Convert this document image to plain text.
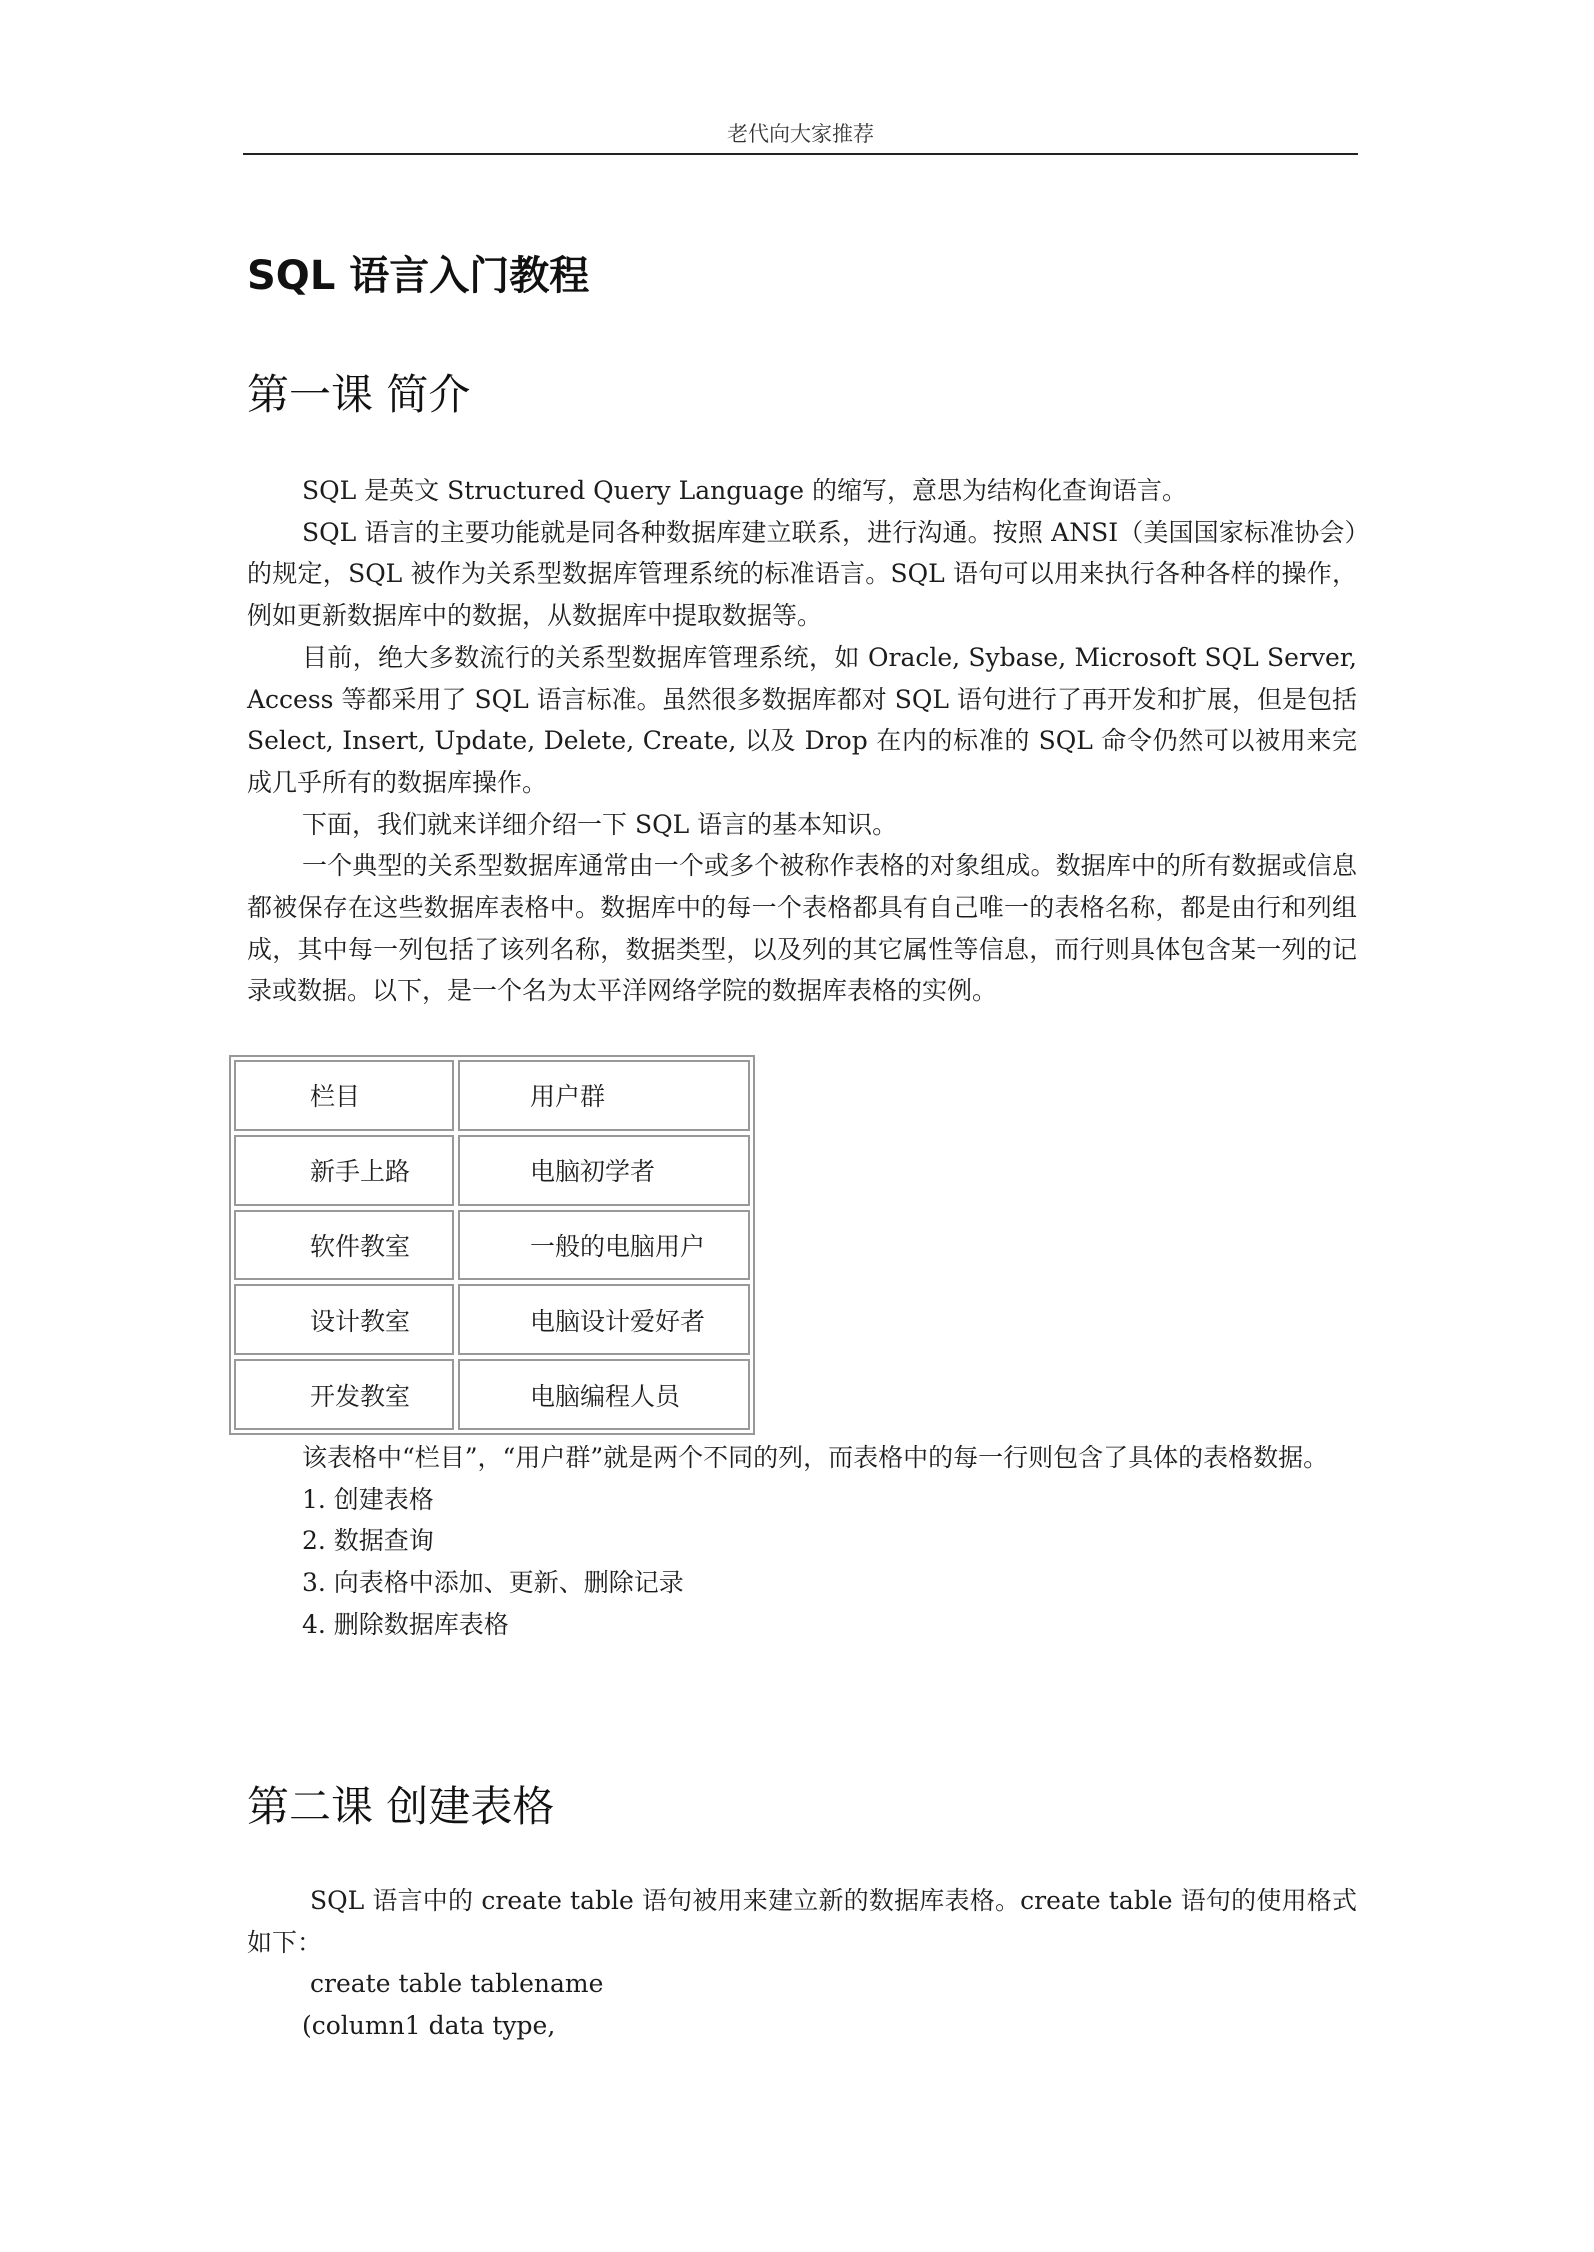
老代向大家推荐
SQL 语言入门教程
第一课 简介

SQL 是英文 Structured Query Language 的缩写，意思为结构化查询语言。

SQL 语言的主要功能就是同各种数据库建立联系，进行沟通。按照 ANSI（美国国家标准协会）的规定，SQL 被作为关系型数据库管理系统的标准语言。SQL 语句可以用来执行各种各样的操作，例如更新数据库中的数据，从数据库中提取数据等。

目前，绝大多数流行的关系型数据库管理系统，如 Oracle, Sybase, Microsoft SQL Server, Access 等都采用了 SQL 语言标准。虽然很多数据库都对 SQL 语句进行了再开发和扩展，但是包括 Select, Insert, Update, Delete, Create, 以及 Drop 在内的标准的 SQL 命令仍然可以被用来完成几乎所有的数据库操作。

下面，我们就来详细介绍一下 SQL 语言的基本知识。

一个典型的关系型数据库通常由一个或多个被称作表格的对象组成。数据库中的所有数据或信息都被保存在这些数据库表格中。数据库中的每一个表格都具有自己唯一的表格名称，都是由行和列组成，其中每一列包括了该列名称，数据类型，以及列的其它属性等信息，而行则具体包含某一列的记录或数据。以下，是一个名为太平洋网络学院的数据库表格的实例。

栏目	用户群
新手上路	电脑初学者
软件教室	一般的电脑用户
设计教室	电脑设计爱好者
开发教室	电脑编程人员

该表格中“栏目”，“用户群”就是两个不同的列，而表格中的每一行则包含了具体的表格数据。

1. 创建表格
2. 数据查询
3. 向表格中添加、更新、删除记录
4. 删除数据库表格
第二课 创建表格

SQL 语言中的 create table 语句被用来建立新的数据库表格。create table 语句的使用格式如下：

create table tablename

(column1 data type,
